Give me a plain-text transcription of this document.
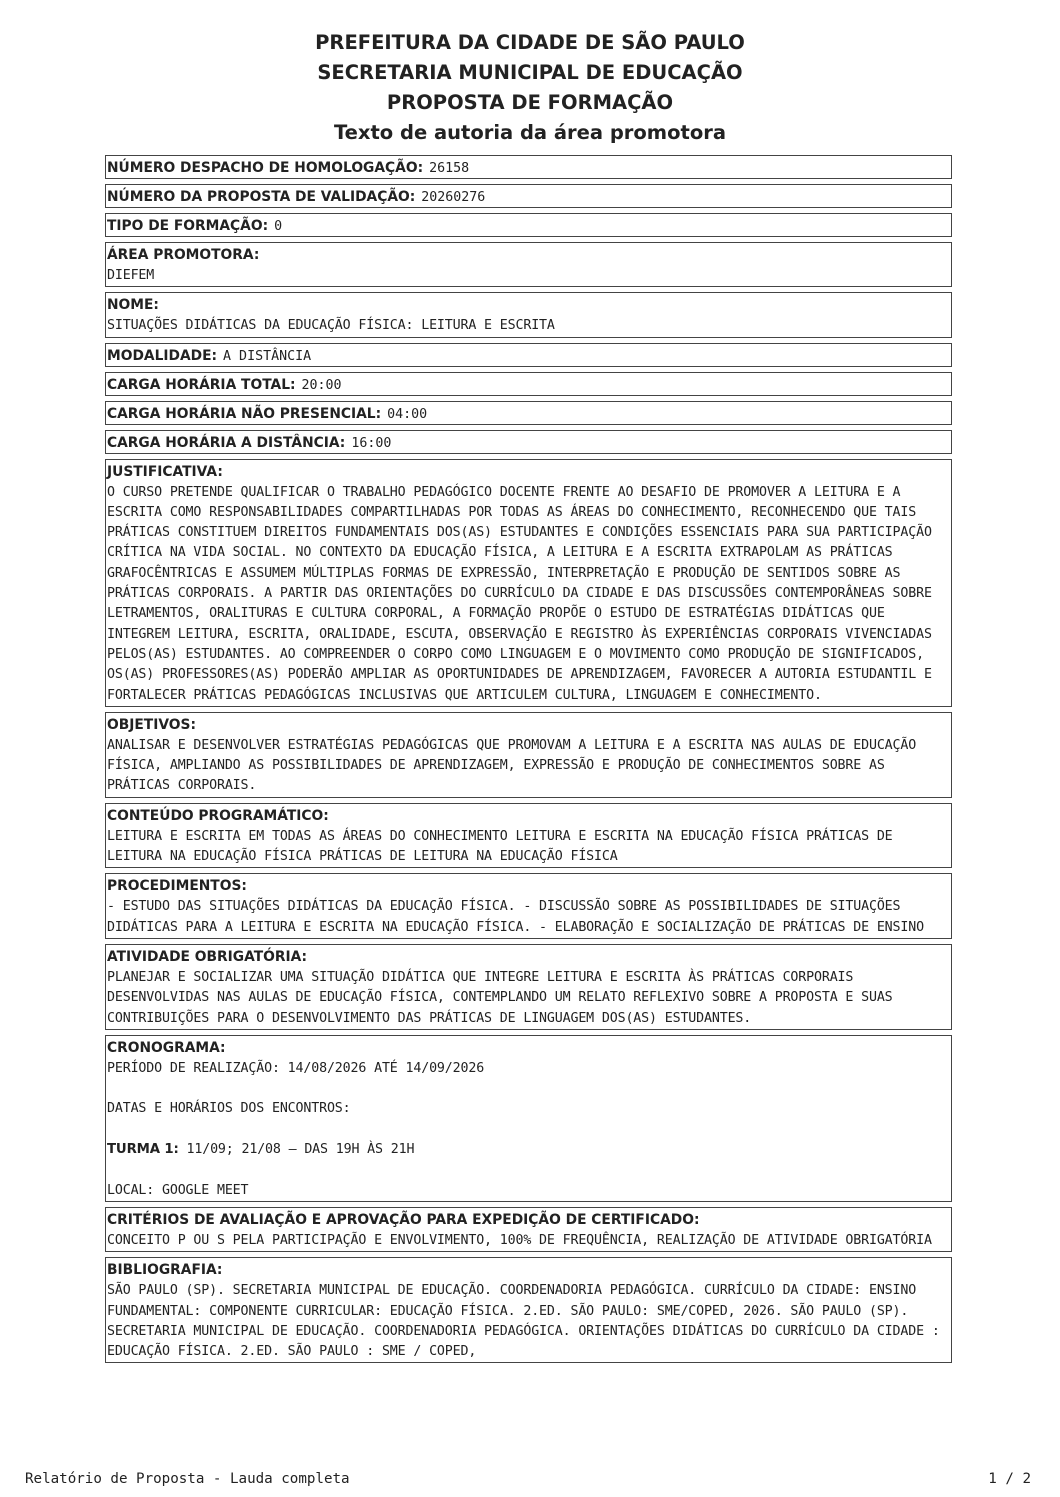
PREFEITURA DA CIDADE DE SÃO PAULO
SECRETARIA MUNICIPAL DE EDUCAÇÃO
PROPOSTA DE FORMAÇÃO
Texto de autoria da área promotora
NÚMERO DESPACHO DE HOMOLOGAÇÃO: 26158
NÚMERO DA PROPOSTA DE VALIDAÇÃO: 20260276
TIPO DE FORMAÇÃO: 0
ÁREA PROMOTORA:
DIEFEM
NOME:
SITUAÇÕES DIDÁTICAS DA EDUCAÇÃO FÍSICA: LEITURA E ESCRITA
MODALIDADE: A DISTÂNCIA
CARGA HORÁRIA TOTAL: 20:00
CARGA HORÁRIA NÃO PRESENCIAL: 04:00
CARGA HORÁRIA A DISTÂNCIA: 16:00
JUSTIFICATIVA:
O CURSO PRETENDE QUALIFICAR O TRABALHO PEDAGÓGICO DOCENTE FRENTE AO DESAFIO DE PROMOVER A LEITURA E A ESCRITA COMO RESPONSABILIDADES COMPARTILHADAS POR TODAS AS ÁREAS DO CONHECIMENTO, RECONHECENDO QUE TAIS PRÁTICAS CONSTITUEM DIREITOS FUNDAMENTAIS DOS(AS) ESTUDANTES E CONDIÇÕES ESSENCIAIS PARA SUA PARTICIPAÇÃO CRÍTICA NA VIDA SOCIAL. NO CONTEXTO DA EDUCAÇÃO FÍSICA, A LEITURA E A ESCRITA EXTRAPOLAM AS PRÁTICAS GRAFOCÊNTRICAS E ASSUMEM MÚLTIPLAS FORMAS DE EXPRESSÃO, INTERPRETAÇÃO E PRODUÇÃO DE SENTIDOS SOBRE AS PRÁTICAS CORPORAIS. A PARTIR DAS ORIENTAÇÕES DO CURRÍCULO DA CIDADE E DAS DISCUSSÕES CONTEMPORÂNEAS SOBRE LETRAMENTOS, ORALITURAS E CULTURA CORPORAL, A FORMAÇÃO PROPÕE O ESTUDO DE ESTRATÉGIAS DIDÁTICAS QUE INTEGREM LEITURA, ESCRITA, ORALIDADE, ESCUTA, OBSERVAÇÃO E REGISTRO ÀS EXPERIÊNCIAS CORPORAIS VIVENCIADAS PELOS(AS) ESTUDANTES. AO COMPREENDER O CORPO COMO LINGUAGEM E O MOVIMENTO COMO PRODUÇÃO DE SIGNIFICADOS, OS(AS) PROFESSORES(AS) PODERÃO AMPLIAR AS OPORTUNIDADES DE APRENDIZAGEM, FAVORECER A AUTORIA ESTUDANTIL E FORTALECER PRÁTICAS PEDAGÓGICAS INCLUSIVAS QUE ARTICULEM CULTURA, LINGUAGEM E CONHECIMENTO.
OBJETIVOS:
ANALISAR E DESENVOLVER ESTRATÉGIAS PEDAGÓGICAS QUE PROMOVAM A LEITURA E A ESCRITA NAS AULAS DE EDUCAÇÃO FÍSICA, AMPLIANDO AS POSSIBILIDADES DE APRENDIZAGEM, EXPRESSÃO E PRODUÇÃO DE CONHECIMENTOS SOBRE AS PRÁTICAS CORPORAIS.
CONTEÚDO PROGRAMÁTICO:
LEITURA E ESCRITA EM TODAS AS ÁREAS DO CONHECIMENTO LEITURA E ESCRITA NA EDUCAÇÃO FÍSICA PRÁTICAS DE LEITURA NA EDUCAÇÃO FÍSICA PRÁTICAS DE LEITURA NA EDUCAÇÃO FÍSICA
PROCEDIMENTOS:
- ESTUDO DAS SITUAÇÕES DIDÁTICAS DA EDUCAÇÃO FÍSICA. - DISCUSSÃO SOBRE AS POSSIBILIDADES DE SITUAÇÕES DIDÁTICAS PARA A LEITURA E ESCRITA NA EDUCAÇÃO FÍSICA. - ELABORAÇÃO E SOCIALIZAÇÃO DE PRÁTICAS DE ENSINO
ATIVIDADE OBRIGATÓRIA:
PLANEJAR E SOCIALIZAR UMA SITUAÇÃO DIDÁTICA QUE INTEGRE LEITURA E ESCRITA ÀS PRÁTICAS CORPORAIS DESENVOLVIDAS NAS AULAS DE EDUCAÇÃO FÍSICA, CONTEMPLANDO UM RELATO REFLEXIVO SOBRE A PROPOSTA E SUAS CONTRIBUIÇÕES PARA O DESENVOLVIMENTO DAS PRÁTICAS DE LINGUAGEM DOS(AS) ESTUDANTES.
CRONOGRAMA:
PERÍODO DE REALIZAÇÃO: 14/08/2026 ATÉ 14/09/2026
DATAS E HORÁRIOS DOS ENCONTROS:
TURMA 1: 11/09; 21/08 — DAS 19H ÀS 21H
LOCAL: GOOGLE MEET
CRITÉRIOS DE AVALIAÇÃO E APROVAÇÃO PARA EXPEDIÇÃO DE CERTIFICADO:
CONCEITO P OU S PELA PARTICIPAÇÃO E ENVOLVIMENTO, 100% DE FREQUÊNCIA, REALIZAÇÃO DE ATIVIDADE OBRIGATÓRIA
BIBLIOGRAFIA:
SÃO PAULO (SP). SECRETARIA MUNICIPAL DE EDUCAÇÃO. COORDENADORIA PEDAGÓGICA. CURRÍCULO DA CIDADE: ENSINO FUNDAMENTAL: COMPONENTE CURRICULAR: EDUCAÇÃO FÍSICA. 2.ED. SÃO PAULO: SME/COPED, 2026. SÃO PAULO (SP). SECRETARIA MUNICIPAL DE EDUCAÇÃO. COORDENADORIA PEDAGÓGICA. ORIENTAÇÕES DIDÁTICAS DO CURRÍCULO DA CIDADE : EDUCAÇÃO FÍSICA. 2.ED. SÃO PAULO : SME / COPED,
Relatório de Proposta - Lauda completa	1 / 2
